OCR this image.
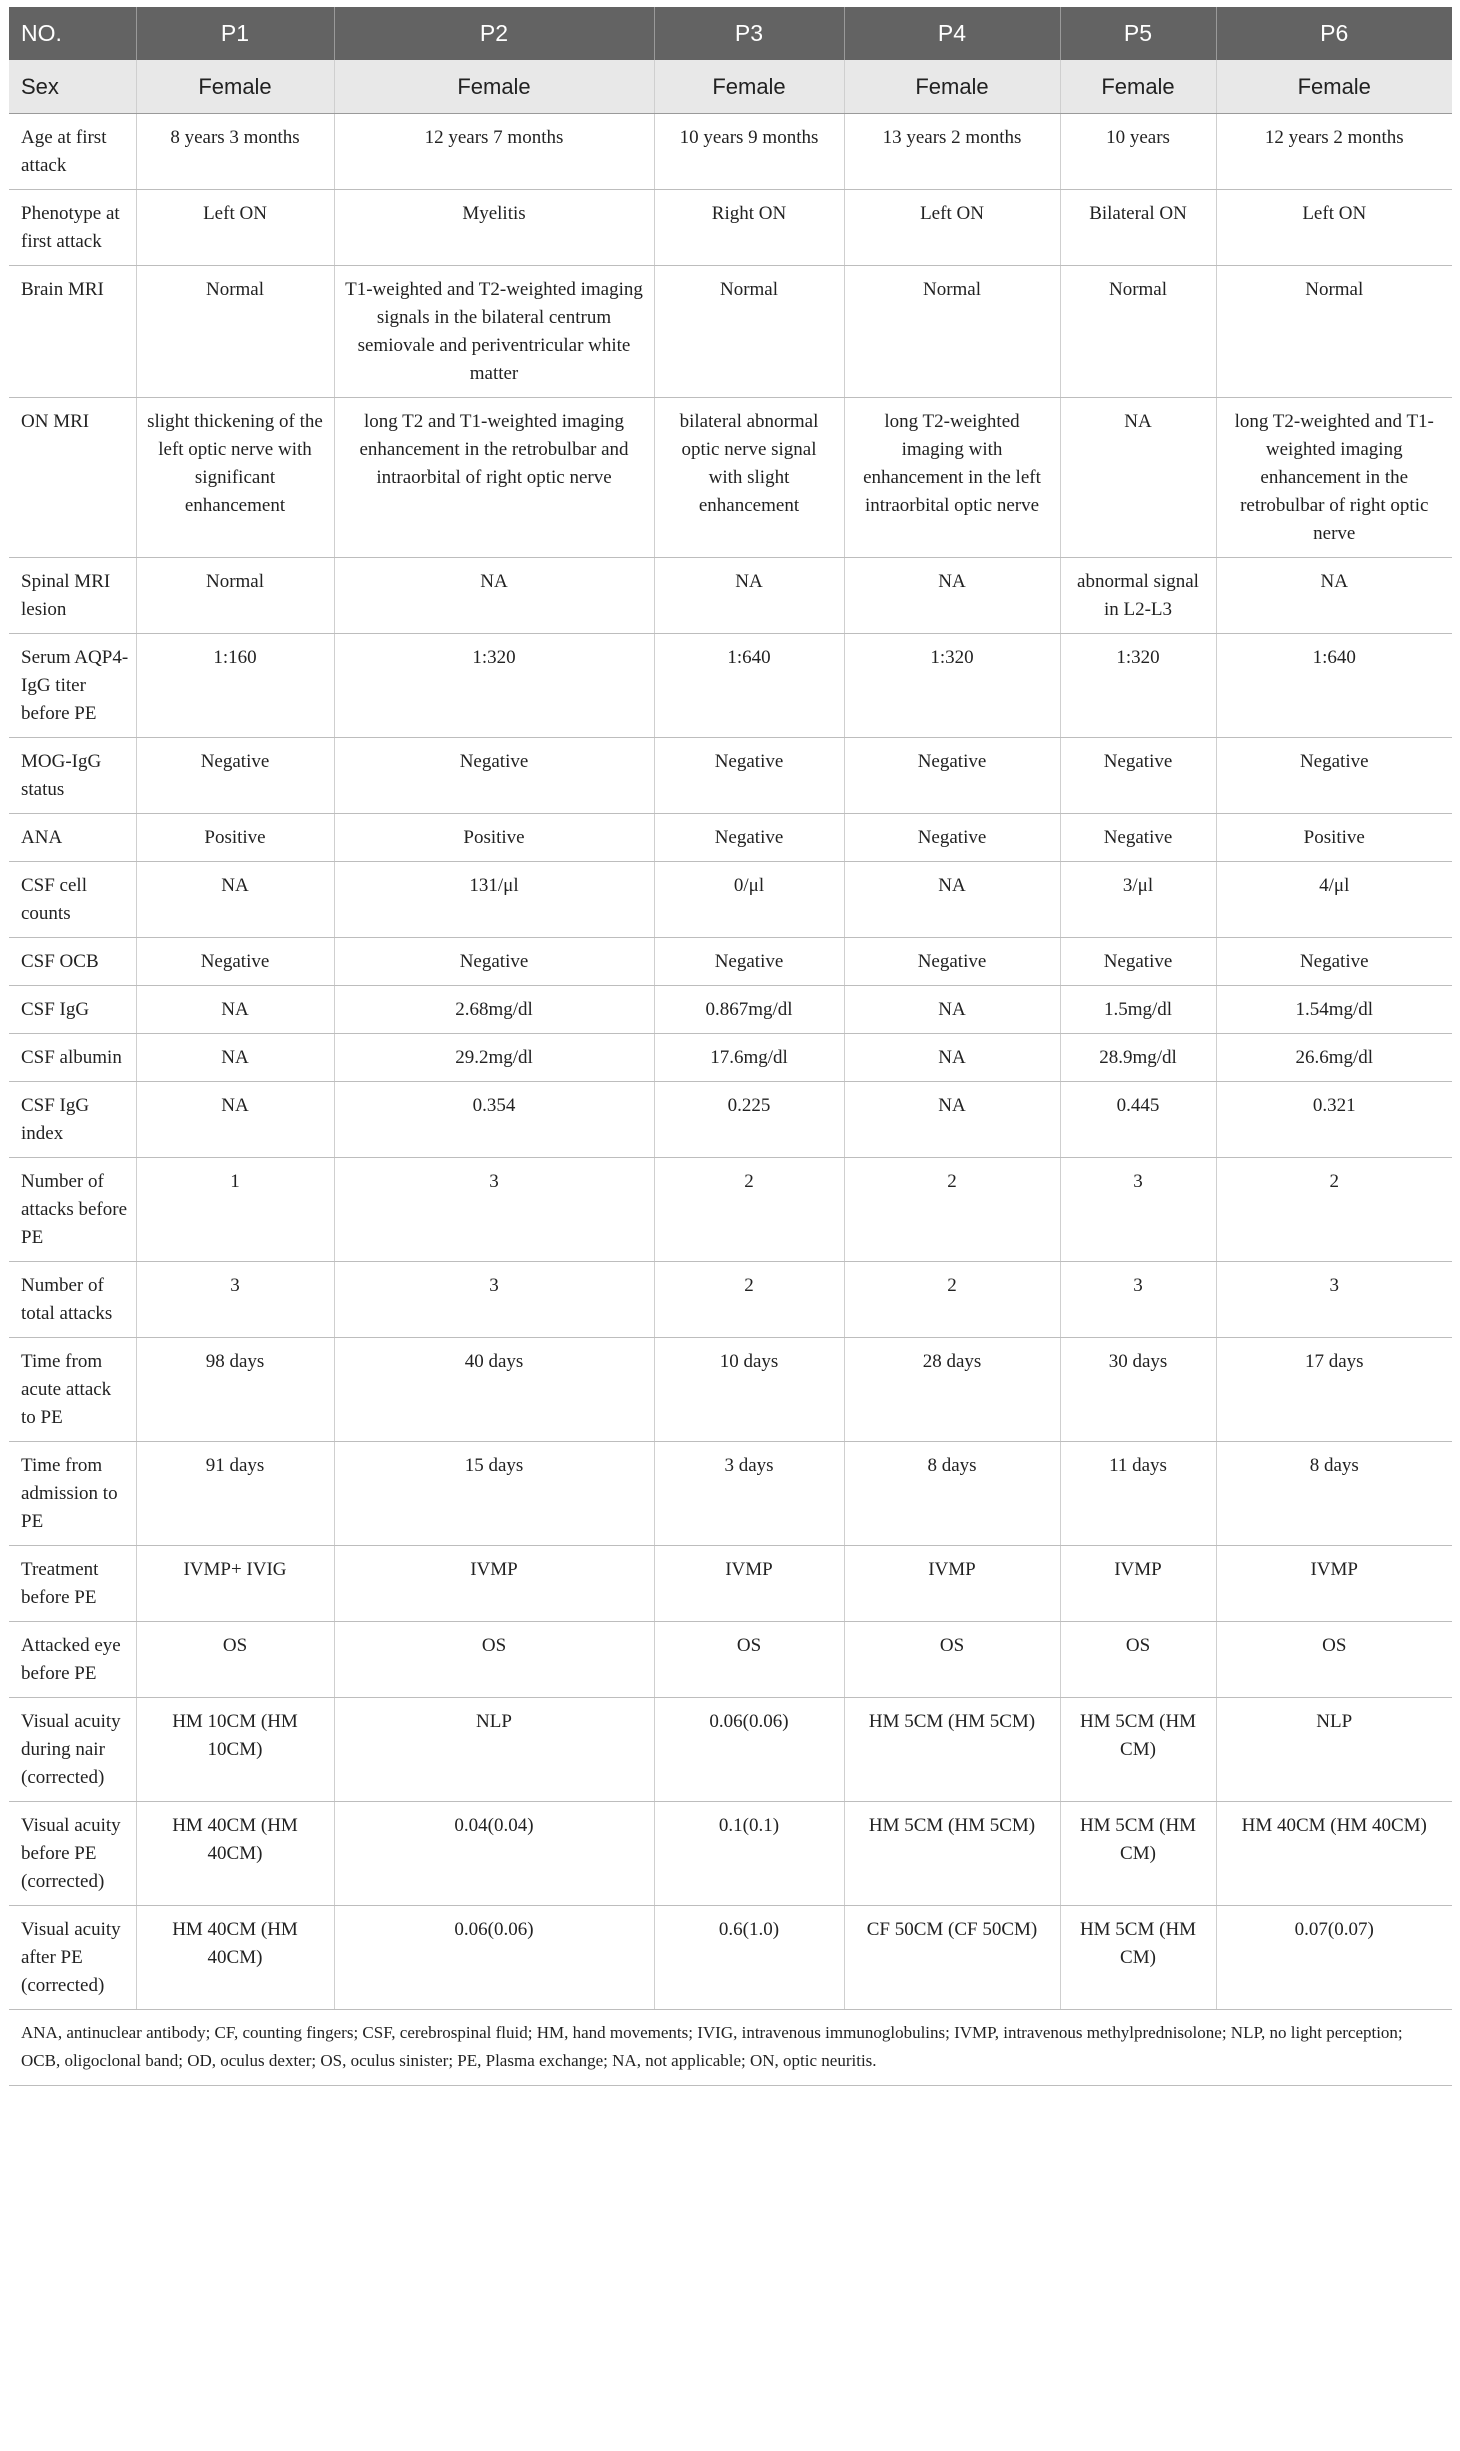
NO.	P1	P2	P3	P4	P5	P6
Sex	Female	Female	Female	Female	Female	Female
Age at first attack	8 years 3 months	12 years 7 months	10 years 9 months	13 years 2 months	10 years	12 years 2 months
Phenotype at first attack	Left ON	Myelitis	Right ON	Left ON	Bilateral ON	Left ON
Brain MRI	Normal	T1-weighted and T2-weighted imaging signals in the bilateral centrum semiovale and periventricular white matter	Normal	Normal	Normal	Normal
ON MRI	slight thickening of the left optic nerve with significant enhancement	long T2 and T1-weighted imaging enhancement in the retrobulbar and intraorbital of right optic nerve	bilateral abnormal optic nerve signal with slight enhancement	long T2-weighted imaging with enhancement in the left intraorbital optic nerve	NA	long T2-weighted and T1-weighted imaging enhancement in the retrobulbar of right optic nerve
Spinal MRI lesion	Normal	NA	NA	NA	abnormal signal in L2-L3	NA
Serum AQP4-IgG titer before PE	1:160	1:320	1:640	1:320	1:320	1:640
MOG-IgG status	Negative	Negative	Negative	Negative	Negative	Negative
ANA	Positive	Positive	Negative	Negative	Negative	Positive
CSF cell counts	NA	131/μl	0/μl	NA	3/μl	4/μl
CSF OCB	Negative	Negative	Negative	Negative	Negative	Negative
CSF IgG	NA	2.68mg/dl	0.867mg/dl	NA	1.5mg/dl	1.54mg/dl
CSF albumin	NA	29.2mg/dl	17.6mg/dl	NA	28.9mg/dl	26.6mg/dl
CSF IgG index	NA	0.354	0.225	NA	0.445	0.321
Number of attacks before PE	1	3	2	2	3	2
Number of total attacks	3	3	2	2	3	3
Time from acute attack to PE	98 days	40 days	10 days	28 days	30 days	17 days
Time from admission to PE	91 days	15 days	3 days	8 days	11 days	8 days
Treatment before PE	IVMP+ IVIG	IVMP	IVMP	IVMP	IVMP	IVMP
Attacked eye before PE	OS	OS	OS	OS	OS	OS
Visual acuity during nair (corrected)	HM 10CM (HM 10CM)	NLP	0.06(0.06)	HM 5CM (HM 5CM)	HM 5CM (HM CM)	NLP
Visual acuity before PE (corrected)	HM 40CM (HM 40CM)	0.04(0.04)	0.1(0.1)	HM 5CM (HM 5CM)	HM 5CM (HM CM)	HM 40CM (HM 40CM)
Visual acuity after PE (corrected)	HM 40CM (HM 40CM)	0.06(0.06)	0.6(1.0)	CF 50CM (CF 50CM)	HM 5CM (HM CM)	0.07(0.07)
ANA, antinuclear antibody; CF, counting fingers; CSF, cerebrospinal fluid; HM, hand movements; IVIG, intravenous immunoglobulins; IVMP, intravenous methylprednisolone; NLP, no light perception; OCB, oligoclonal band; OD, oculus dexter; OS, oculus sinister; PE, Plasma exchange; NA, not applicable; ON, optic neuritis.						
